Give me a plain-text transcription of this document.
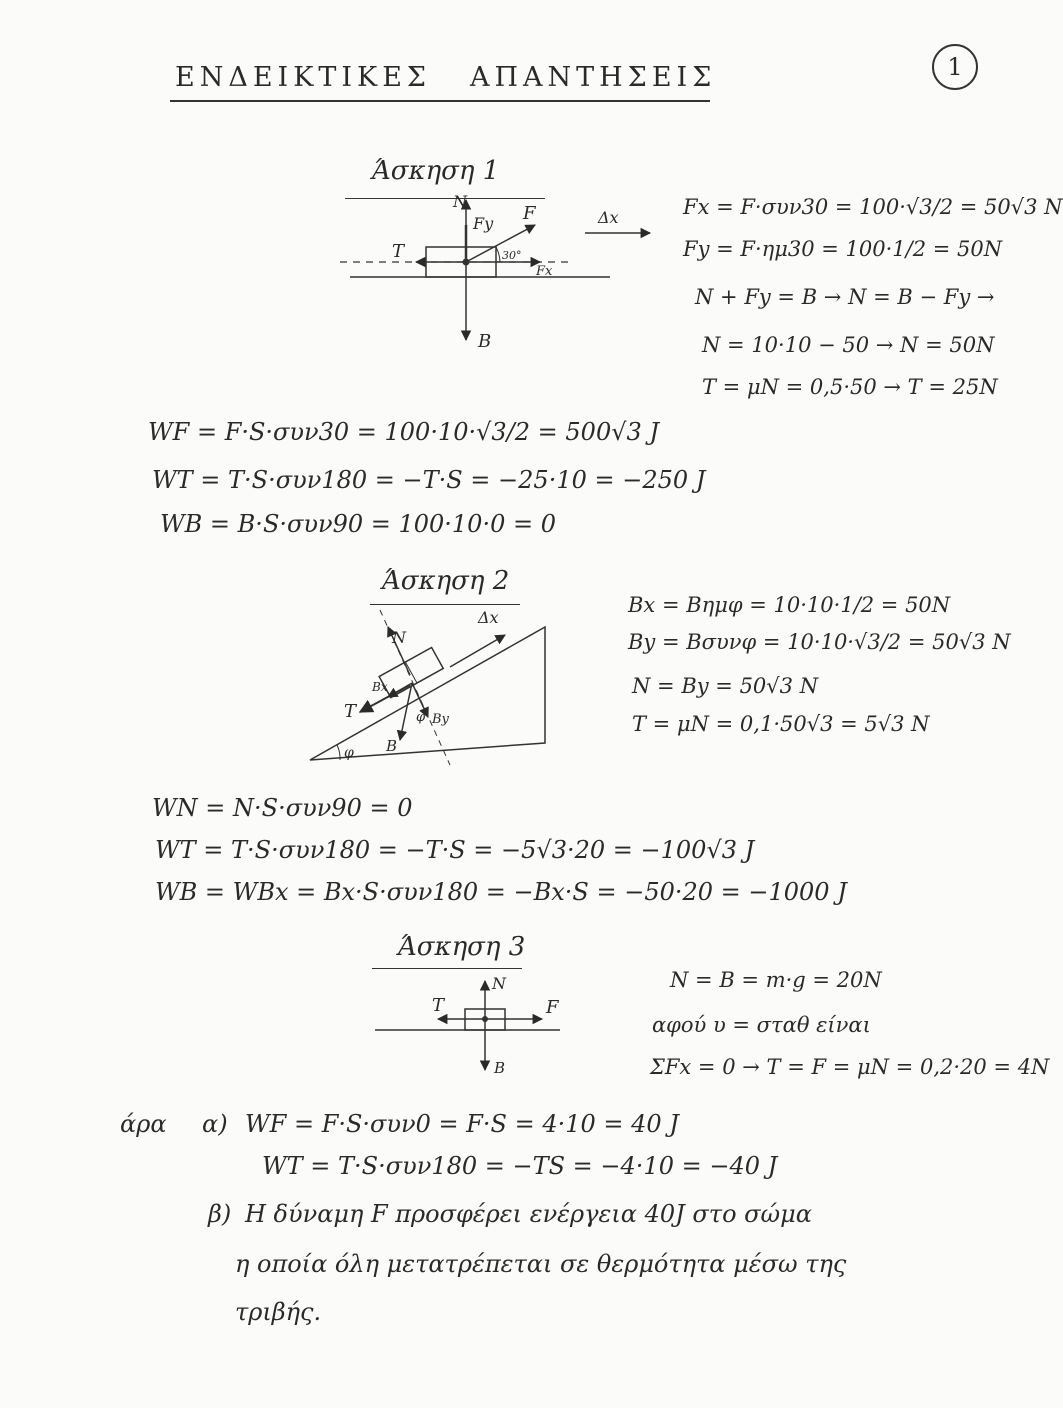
ΕΝΔΕΙΚΤΙΚΕΣ ΑΠΑΝΤΗΣΕΙΣ	1
Άσκηση 1
N
Fy F	Δx
T	30°
Fx
B
Fx = F·συν30 = 100·√3/2 = 50√3 N
Fy = F·ημ30 = 100·1/2 = 50N
N + Fy = B → N = B − Fy →
N = 10·10 − 50 → N = 50N
T = μN = 0,5·50 → T = 25N
WF = F·S·συν30 = 100·10·√3/2 = 500√3 J
WT = T·S·συν180 = −T·S = −25·10 = −250 J
WB = B·S·συν90 = 100·10·0 = 0
Άσκηση 2
N
Δx
Bx
T	φ By
B
φ
Bx = Bημφ = 10·10·1/2 = 50N
By = Bσυνφ = 10·10·√3/2 = 50√3 N
N = By = 50√3 N
T = μN = 0,1·50√3 = 5√3 N
WN = N·S·συν90 = 0
WT = T·S·συν180 = −T·S = −5√3·20 = −100√3 J
WB = WBx = Bx·S·συν180 = −Bx·S = −50·20 = −1000 J
Άσκηση 3
T
N
F
B
N = B = m·g = 20N
αφού υ = σταθ είναι
ΣFx = 0 → T = F = μN = 0,2·20 = 4N
άρα α) WF = F·S·συν0 = F·S = 4·10 = 40 J
WT = T·S·συν180 = −TS = −4·10 = −40 J
β) Η δύναμη F προσφέρει ενέργεια 40J στο σώμα
η οποία όλη μετατρέπεται σε θερμότητα μέσω της
τριβής.
